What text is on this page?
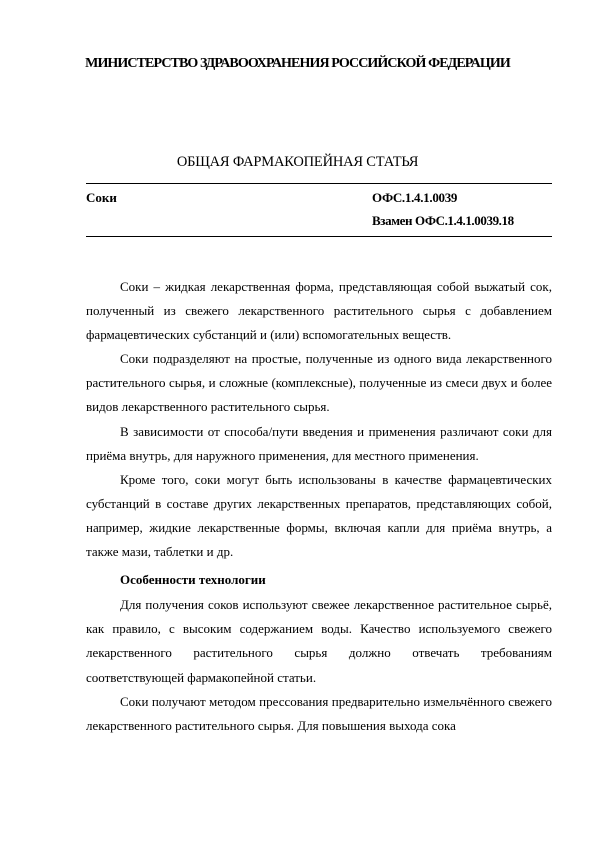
МИНИСТЕРСТВО ЗДРАВООХРАНЕНИЯ РОССИЙСКОЙ ФЕДЕРАЦИИ
ОБЩАЯ ФАРМАКОПЕЙНАЯ СТАТЬЯ
Соки	ОФС.1.4.1.0039
Взамен ОФС.1.4.1.0039.18

Соки – жидкая лекарственная форма, представляющая собой выжатый сок, полученный из свежего лекарственного растительного сырья с добавлением фармацевтических субстанций и (или) вспомогательных веществ.

Соки подразделяют на простые, полученные из одного вида лекарственного растительного сырья, и сложные (комплексные), полученные из смеси двух и более видов лекарственного растительного сырья.

В зависимости от способа/пути введения и применения различают соки для приёма внутрь, для наружного применения, для местного применения.

Кроме того, соки могут быть использованы в качестве фармацевтических субстанций в составе других лекарственных препаратов, представляющих собой, например, жидкие лекарственные формы, включая капли для приёма внутрь, а также мази, таблетки и др.

Особенности технологии

Для получения соков используют свежее лекарственное растительное сырьё, как правило, с высоким содержанием воды. Качество используемого свежего лекарственного растительного сырья должно отвечать требованиям соответствующей фармакопейной статьи.

Соки получают методом прессования предварительно измельчённого свежего лекарственного растительного сырья. Для повышения выхода сока
